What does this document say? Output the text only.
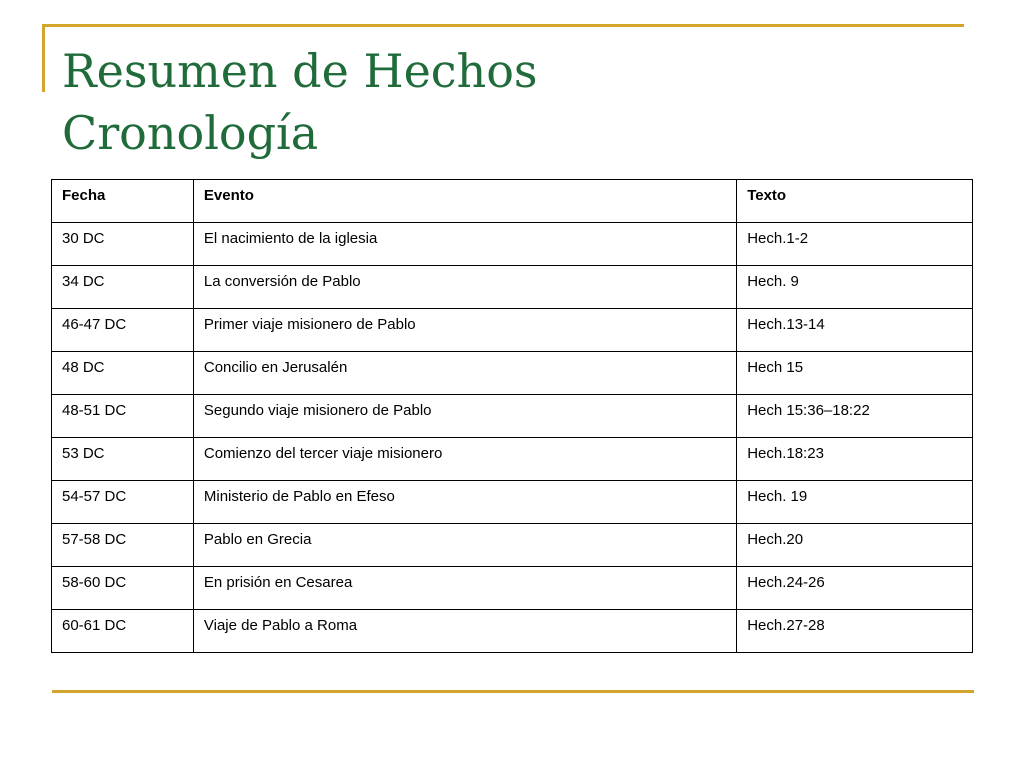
Resumen de Hechos
Cronología
Fecha	Evento	Texto
30 DC	El nacimiento de la iglesia	Hech.1-2
34 DC	La conversión de Pablo	Hech. 9
46-47 DC	Primer viaje misionero de Pablo	Hech.13-14
48 DC	Concilio en Jerusalén	Hech 15
48-51 DC	Segundo viaje misionero de Pablo	Hech 15:36–18:22
53 DC	Comienzo del tercer viaje misionero	Hech.18:23
54-57 DC	Ministerio de Pablo en Efeso	Hech. 19
57-58 DC	Pablo en Grecia	Hech.20
58-60 DC	En prisión en Cesarea	Hech.24-26
60-61 DC	Viaje de Pablo a Roma	Hech.27-28
